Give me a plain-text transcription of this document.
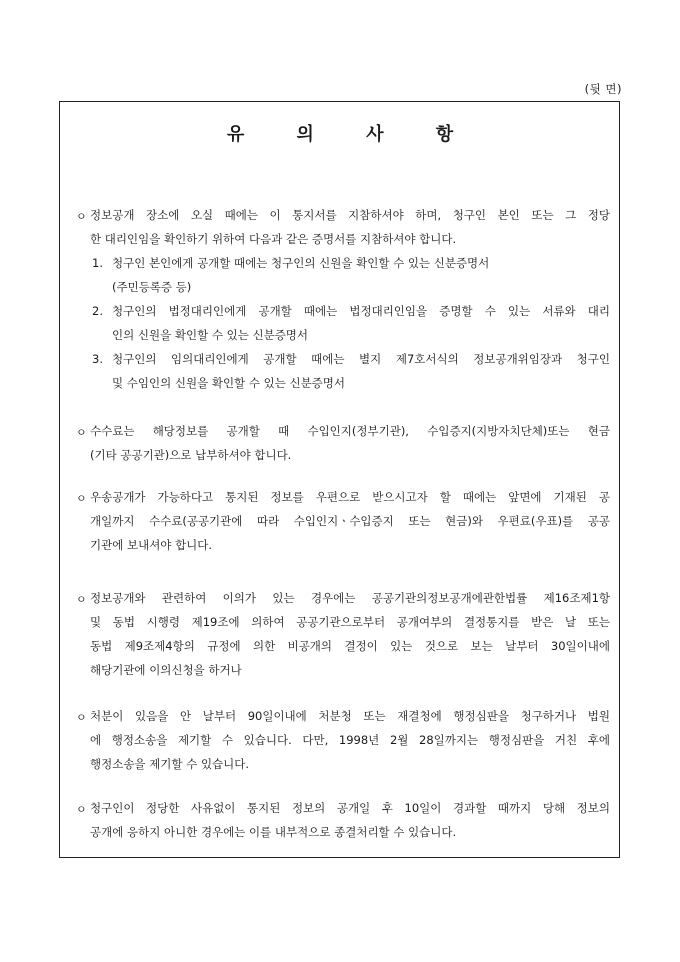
(뒷 면)
유 의 사 항
ㅇ 정보공개 장소에 오실 때에는 이 통지서를 지참하셔야 하며, 청구인 본인 또는 그 정당
한 대리인임을 확인하기 위하여 다음과 같은 증명서를 지참하셔야 합니다.
1. 청구인 본인에게 공개할 때에는 청구인의 신원을 확인할 수 있는 신분증명서
(주민등록증 등)
2. 청구인의 법정대리인에게 공개할 때에는 법정대리인임을 증명할 수 있는 서류와 대리
인의 신원을 확인할 수 있는 신분증명서
3. 청구인의 임의대리인에게 공개할 때에는 별지 제7호서식의 정보공개위임장과 청구인
및 수임인의 신원을 확인할 수 있는 신분증명서
ㅇ 수수료는 해당정보를 공개할 때 수입인지(정부기관), 수입증지(지방자치단체)또는 현금
(기타 공공기관)으로 납부하셔야 합니다.
ㅇ 우송공개가 가능하다고 통지된 정보를 우편으로 받으시고자 할 때에는 앞면에 기재된 공
개일까지 수수료(공공기관에 따라 수입인지ㆍ수입증지 또는 현금)와 우편료(우표)를 공공
기관에 보내셔야 합니다.
ㅇ 정보공개와 관련하여 이의가 있는 경우에는 공공기관의정보공개에관한법률 제16조제1항
및 동법 시행령 제19조에 의하여 공공기관으로부터 공개여부의 결정통지를 받은 날 또는
동법 제9조제4항의 규정에 의한 비공개의 결정이 있는 것으로 보는 날부터 30일이내에
해당기관에 이의신청을 하거나
ㅇ 처분이 있음을 안 날부터 90일이내에 처분청 또는 재결청에 행정심판을 청구하거나 법원
에 행정소송을 제기할 수 있습니다. 다만, 1998년 2월 28일까지는 행정심판을 거친 후에
행정소송을 제기할 수 있습니다.
ㅇ 청구인이 정당한 사유없이 통지된 정보의 공개일 후 10일이 경과할 때까지 당해 정보의
공개에 응하지 아니한 경우에는 이를 내부적으로 종결처리할 수 있습니다.
